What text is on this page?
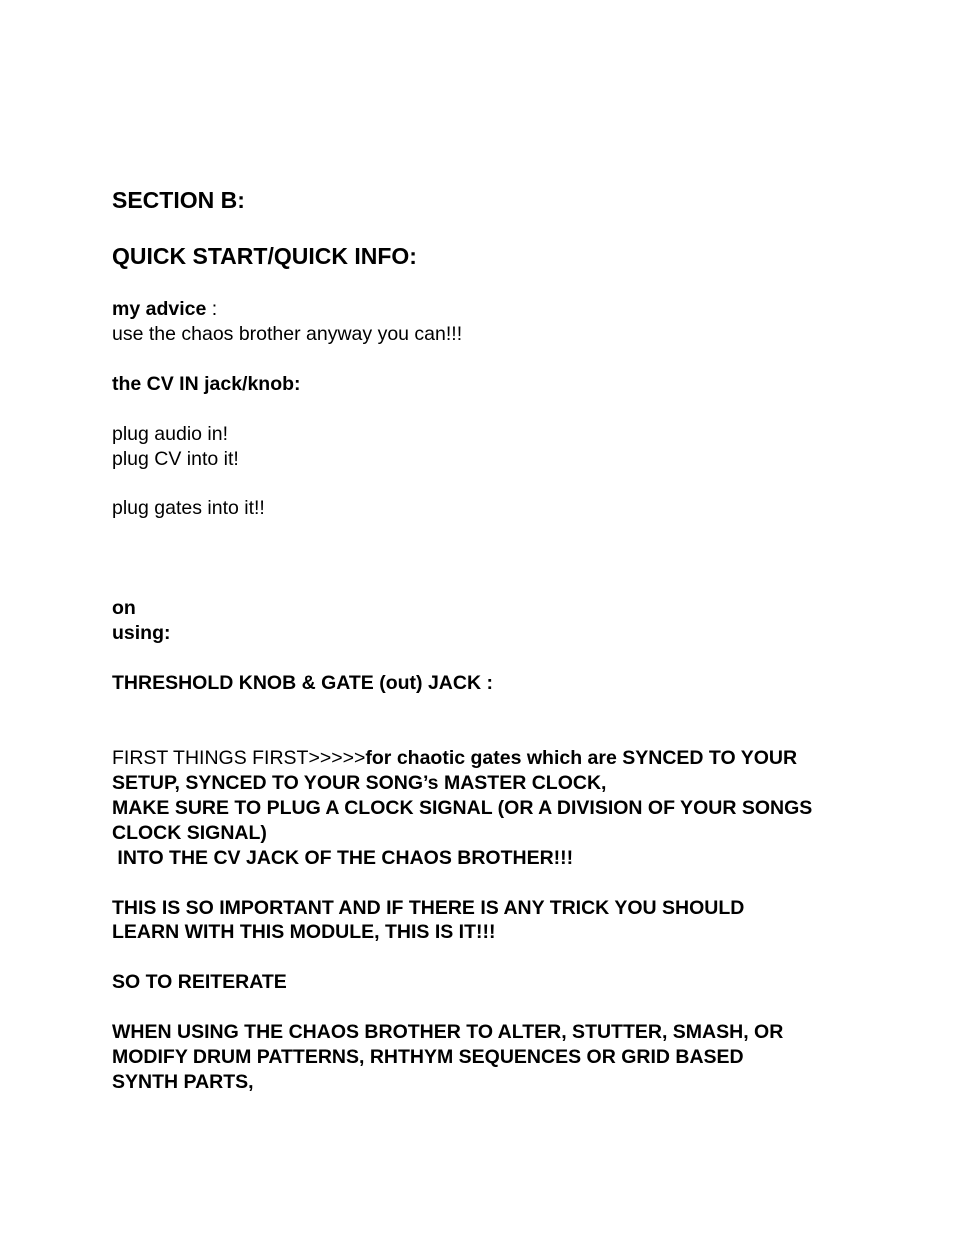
SECTION B:

QUICK START/QUICK INFO:

my advice :

use the chaos brother anyway you can!!!

the CV IN jack/knob:

plug audio in!

plug CV into it!

plug gates into it!!

on

using:

THRESHOLD KNOB & GATE (out) JACK :

FIRST THINGS FIRST>>>>>for chaotic gates which are SYNCED TO YOUR

SETUP, SYNCED TO YOUR SONG’s MASTER CLOCK,

MAKE SURE TO PLUG A CLOCK SIGNAL (OR A DIVISION OF YOUR SONGS

CLOCK SIGNAL)

INTO THE CV JACK OF THE CHAOS BROTHER!!!

THIS IS SO IMPORTANT AND IF THERE IS ANY TRICK YOU SHOULD

LEARN WITH THIS MODULE, THIS IS IT!!!

SO TO REITERATE

WHEN USING THE CHAOS BROTHER TO ALTER, STUTTER, SMASH, OR

MODIFY DRUM PATTERNS, RHTHYM SEQUENCES OR GRID BASED

SYNTH PARTS,
